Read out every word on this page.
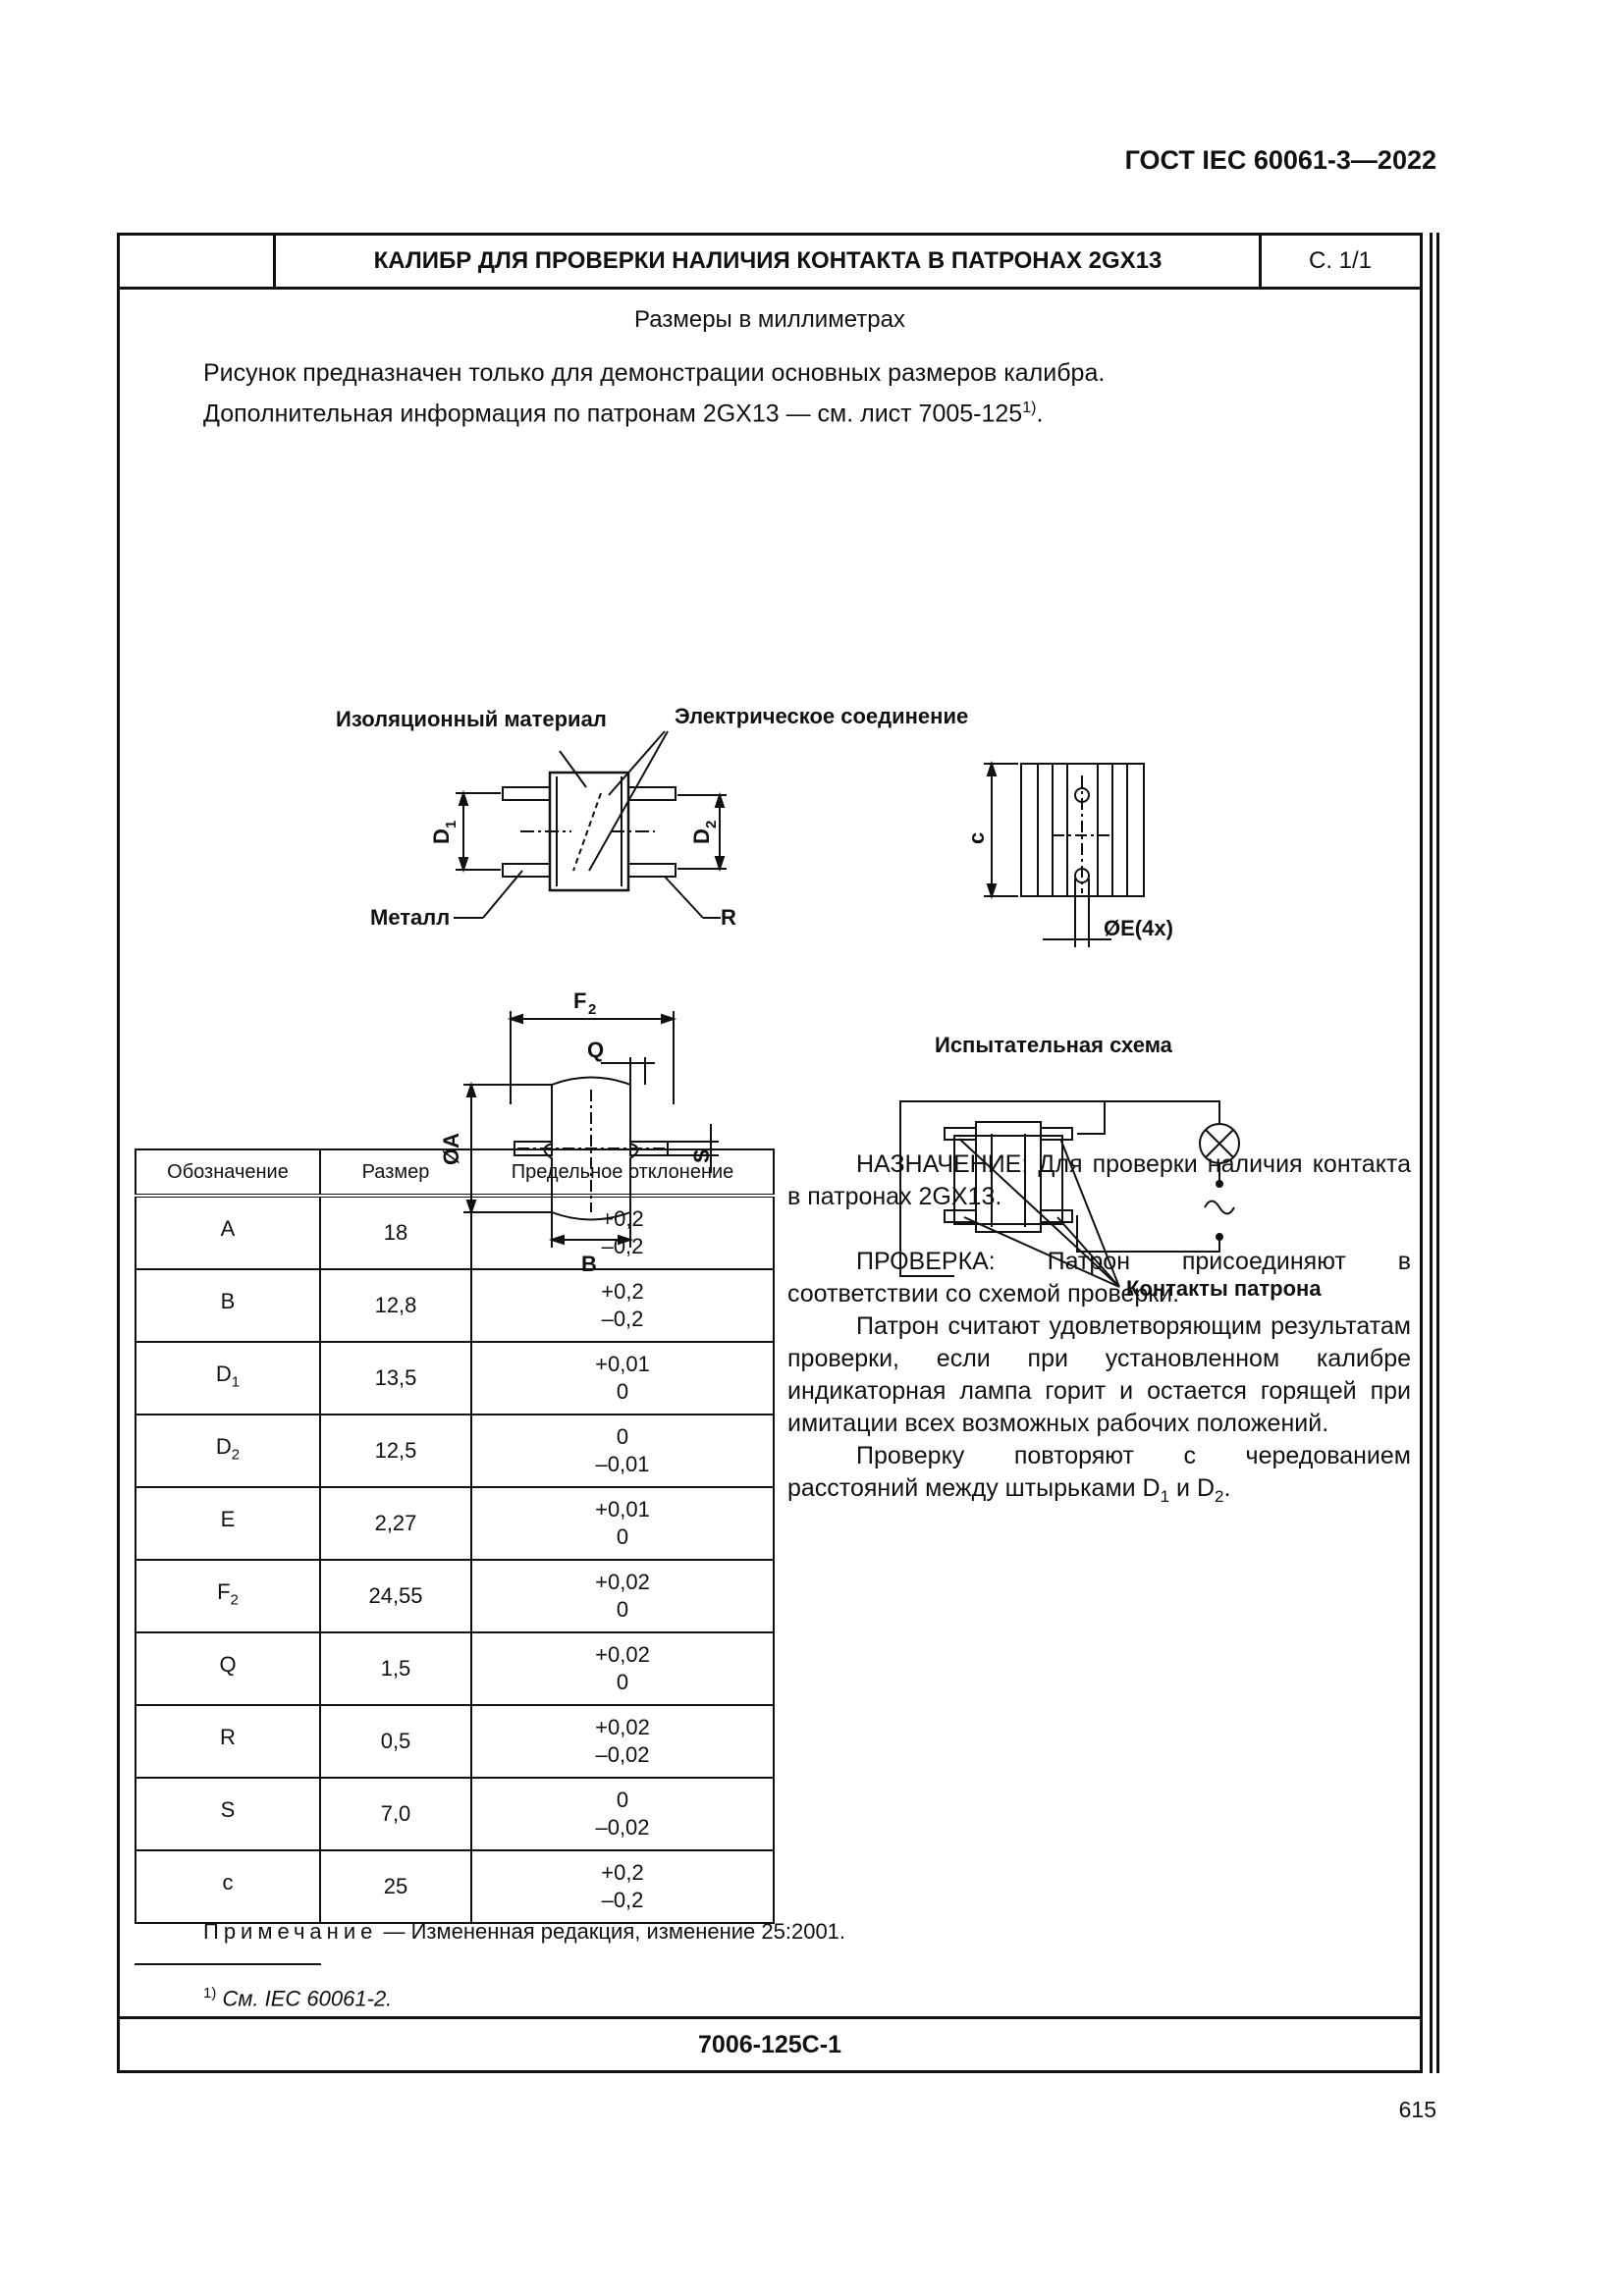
ГОСТ IEC 60061-3—2022
КАЛИБР ДЛЯ ПРОВЕРКИ НАЛИЧИЯ КОНТАКТА В ПАТРОНАХ 2GX13	С. 1/1
Размеры в миллиметрах
Рисунок предназначен только для демонстрации основных размеров калибра.
Дополнительная информация по патронам 2GX13 — см. лист 7005-125$^{1)}$.
Изоляционный материал	Электрическое соединение
Металл	R
D
1
D
2
ØE(4x)
c
F 2
Q
ØA	S
B
Испытательная схема
Контакты патрона
Обозначение	Размер	Предельное отклонение
A	18	+0,2
–0,2

B	12,8	+0,2
–0,2

$D_1$	13,5	+0,01
0

$D_2$	12,5	0
–0,01

E	2,27	+0,01
0

$F_2$	24,55	+0,02
0

Q	1,5	+0,02
0

R	0,5	+0,02
–0,02

S	7,0	0
–0,02

c	25	+0,2
–0,2

НАЗНАЧЕНИЕ: Для проверки наличия контакта в патронах 2GX13.

ПРОВЕРКА: Патрон присоединяют в соответствии со схемой проверки.

Патрон считают удовлетворяющим результатам проверки, если при установленном калибре индикаторная лампа горит и остается горящей при имитации всех возможных рабочих положений.

Проверку повторяют с чередованием расстояний между штырьками $D_1$ и $D_2$.

Примечание — Измененная редакция, изменение 25:2001.
$^{1)}$ См. IEC 60061-2.
7006-125C-1
615
